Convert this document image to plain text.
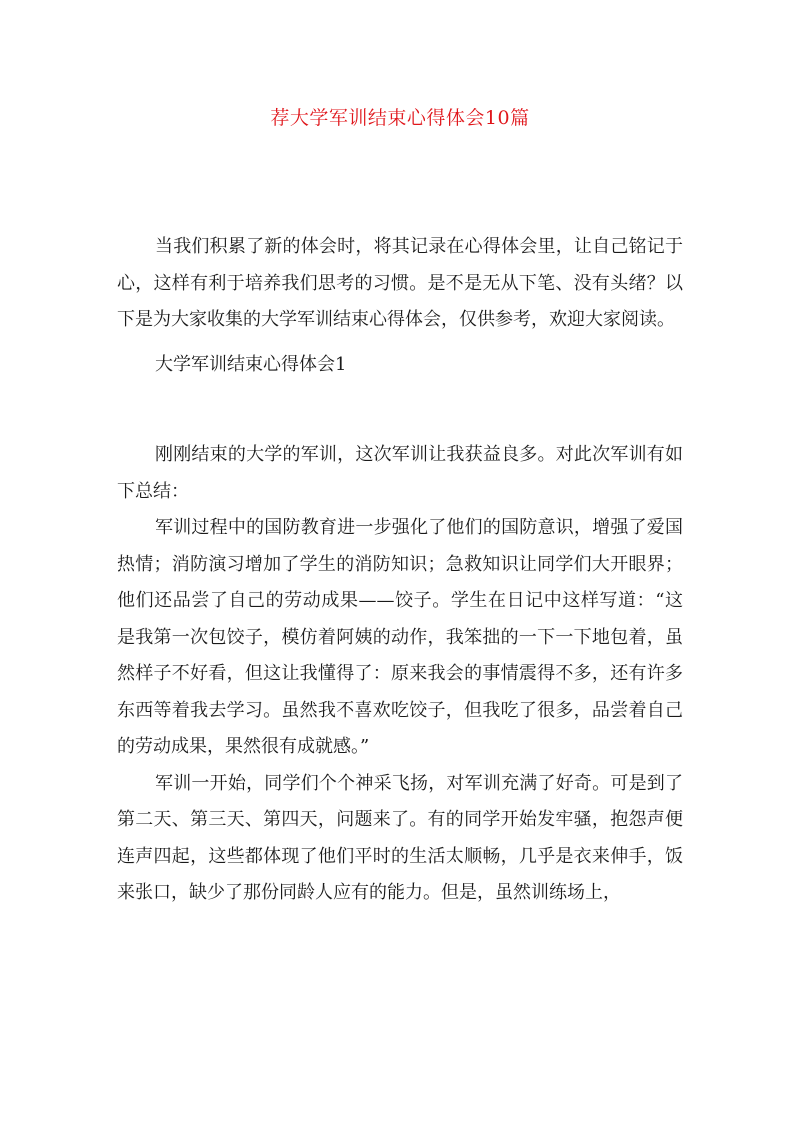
荐大学军训结束心得体会10篇

当我们积累了新的体会时，将其记录在心得体会里，让自己铭记于心，这样有利于培养我们思考的习惯。是不是无从下笔、没有头绪？以下是为大家收集的大学军训结束心得体会，仅供参考，欢迎大家阅读。

大学军训结束心得体会1

刚刚结束的大学的军训，这次军训让我获益良多。对此次军训有如下总结：

军训过程中的国防教育进一步强化了他们的国防意识，增强了爱国热情；消防演习增加了学生的消防知识；急救知识让同学们大开眼界；他们还品尝了自己的劳动成果——饺子。学生在日记中这样写道：“这是我第一次包饺子，模仿着阿姨的动作，我笨拙的一下一下地包着，虽然样子不好看，但这让我懂得了：原来我会的事情震得不多，还有许多东西等着我去学习。虽然我不喜欢吃饺子，但我吃了很多，品尝着自己的劳动成果，果然很有成就感。”

军训一开始，同学们个个神采飞扬，对军训充满了好奇。可是到了第二天、第三天、第四天，问题来了。有的同学开始发牢骚，抱怨声便连声四起，这些都体现了他们平时的生活太顺畅，几乎是衣来伸手，饭来张口，缺少了那份同龄人应有的能力。但是，虽然训练场上，
